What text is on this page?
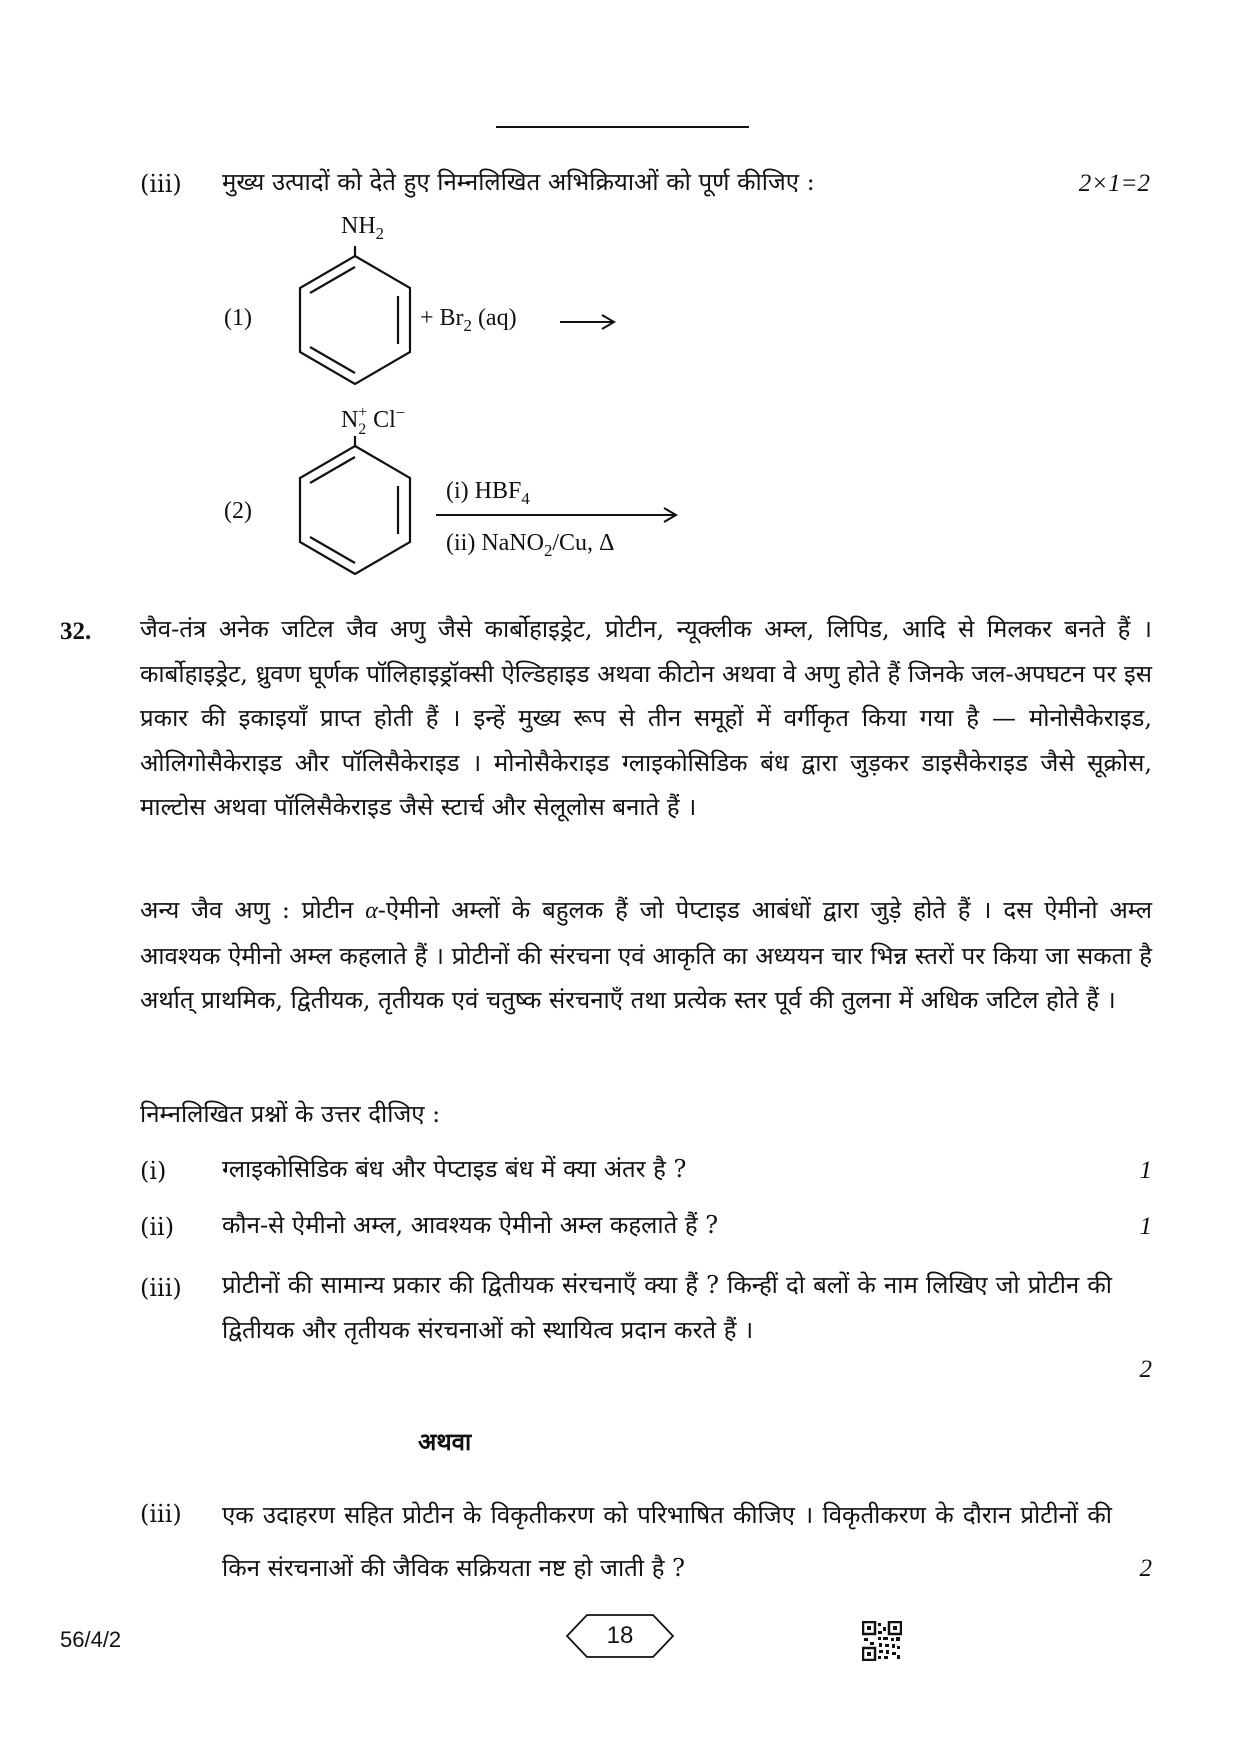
(iii) मुख्य उत्पादों को देते हुए निम्नलिखित अभिक्रियाओं को पूर्ण कीजिए :	2×1=2
(1)
$NH_2$
+ $Br_2$ (aq)
(2)
N +
2 Cl−
(i) $HBF_4$
(ii) NaNO$_2$/Cu, Δ
32. जैव-तंत्र अनेक जटिल जैव अणु जैसे कार्बोहाइड्रेट, प्रोटीन, न्यूक्लीक अम्ल, लिपिड, आदि से मिलकर बनते हैं । कार्बोहाइड्रेट, ध्रुवण घूर्णक पॉलिहाइड्रॉक्सी ऐल्डिहाइड अथवा कीटोन अथवा वे अणु होते हैं जिनके जल-अपघटन पर इस प्रकार की इकाइयाँ प्राप्त होती हैं । इन्हें मुख्य रूप से तीन समूहों में वर्गीकृत किया गया है — मोनोसैकेराइड, ओलिगोसैकेराइड और पॉलिसैकेराइड । मोनोसैकेराइड ग्लाइकोसिडिक बंध द्वारा जुड़कर डाइसैकेराइड जैसे सूक्रोस, माल्टोस अथवा पॉलिसैकेराइड जैसे स्टार्च और सेलूलोस बनाते हैं ।
अन्य जैव अणु : प्रोटीन α-ऐमीनो अम्लों के बहुलक हैं जो पेप्टाइड आबंधों द्वारा जुड़े होते हैं । दस ऐमीनो अम्ल आवश्यक ऐमीनो अम्ल कहलाते हैं । प्रोटीनों की संरचना एवं आकृति का अध्ययन चार भिन्न स्तरों पर किया जा सकता है अर्थात् प्राथमिक, द्वितीयक, तृतीयक एवं चतुष्क संरचनाएँ तथा प्रत्येक स्तर पूर्व की तुलना में अधिक जटिल होते हैं ।
निम्नलिखित प्रश्नों के उत्तर दीजिए :
(i) ग्लाइकोसिडिक बंध और पेप्टाइड बंध में क्या अंतर है ?	1
(ii) कौन-से ऐमीनो अम्ल, आवश्यक ऐमीनो अम्ल कहलाते हैं ?	1
(iii) प्रोटीनों की सामान्य प्रकार की द्वितीयक संरचनाएँ क्या हैं ? किन्हीं दो बलों के नाम लिखिए जो प्रोटीन की द्वितीयक और तृतीयक संरचनाओं को स्थायित्व प्रदान करते हैं ।
2
अथवा
(iii) एक उदाहरण सहित प्रोटीन के विकृतीकरण को परिभाषित कीजिए । विकृतीकरण के दौरान प्रोटीनों की किन संरचनाओं की जैविक सक्रियता नष्ट हो जाती है ?	2
56/4/2	18
